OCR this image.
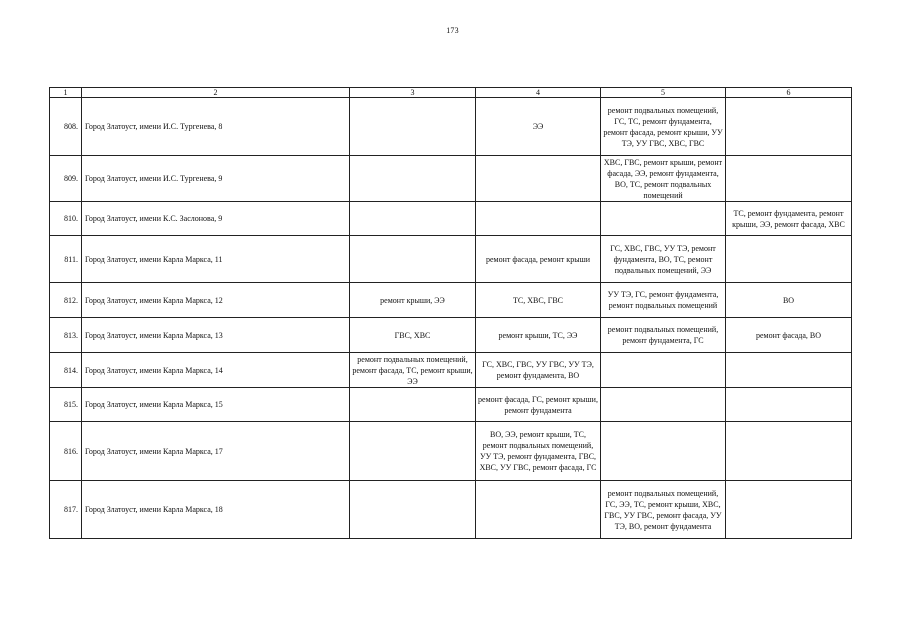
173
1	2	3	4	5	6
808.	Город Златоуст, имени И.С. Тургенева, 8		ЭЭ	ремонт подвальных помещений, ГС, ТС, ремонт фундамента, ремонт фасада, ремонт крыши, УУ ТЭ, УУ ГВС, ХВС, ГВС	
809.	Город Златоуст, имени И.С. Тургенева, 9			ХВС, ГВС, ремонт крыши, ремонт фасада, ЭЭ, ремонт фундамента, ВО, ТС, ремонт подвальных помещений	
810.	Город Златоуст, имени К.С. Заслонова, 9				ТС, ремонт фундамента, ремонт крыши, ЭЭ, ремонт фасада, ХВС
811.	Город Златоуст, имени Карла Маркса, 11		ремонт фасада, ремонт крыши	ГС, ХВС, ГВС, УУ ТЭ, ремонт фундамента, ВО, ТС, ремонт подвальных помещений, ЭЭ	
812.	Город Златоуст, имени Карла Маркса, 12	ремонт крыши, ЭЭ	ТС, ХВС, ГВС	УУ ТЭ, ГС, ремонт фундамента, ремонт подвальных помещений	ВО
813.	Город Златоуст, имени Карла Маркса, 13	ГВС, ХВС	ремонт крыши, ТС, ЭЭ	ремонт подвальных помещений, ремонт фундамента, ГС	ремонт фасада, ВО
814.	Город Златоуст, имени Карла Маркса, 14	ремонт подвальных помещений, ремонт фасада, ТС, ремонт крыши, ЭЭ	ГС, ХВС, ГВС, УУ ГВС, УУ ТЭ, ремонт фундамента, ВО		
815.	Город Златоуст, имени Карла Маркса, 15		ремонт фасада, ГС, ремонт крыши, ремонт фундамента		
816.	Город Златоуст, имени Карла Маркса, 17		ВО, ЭЭ, ремонт крыши, ТС, ремонт подвальных помещений, УУ ТЭ, ремонт фундамента, ГВС, ХВС, УУ ГВС, ремонт фасада, ГС		
817.	Город Златоуст, имени Карла Маркса, 18			ремонт подвальных помещений, ГС, ЭЭ, ТС, ремонт крыши, ХВС, ГВС, УУ ГВС, ремонт фасада, УУ ТЭ, ВО, ремонт фундамента	
